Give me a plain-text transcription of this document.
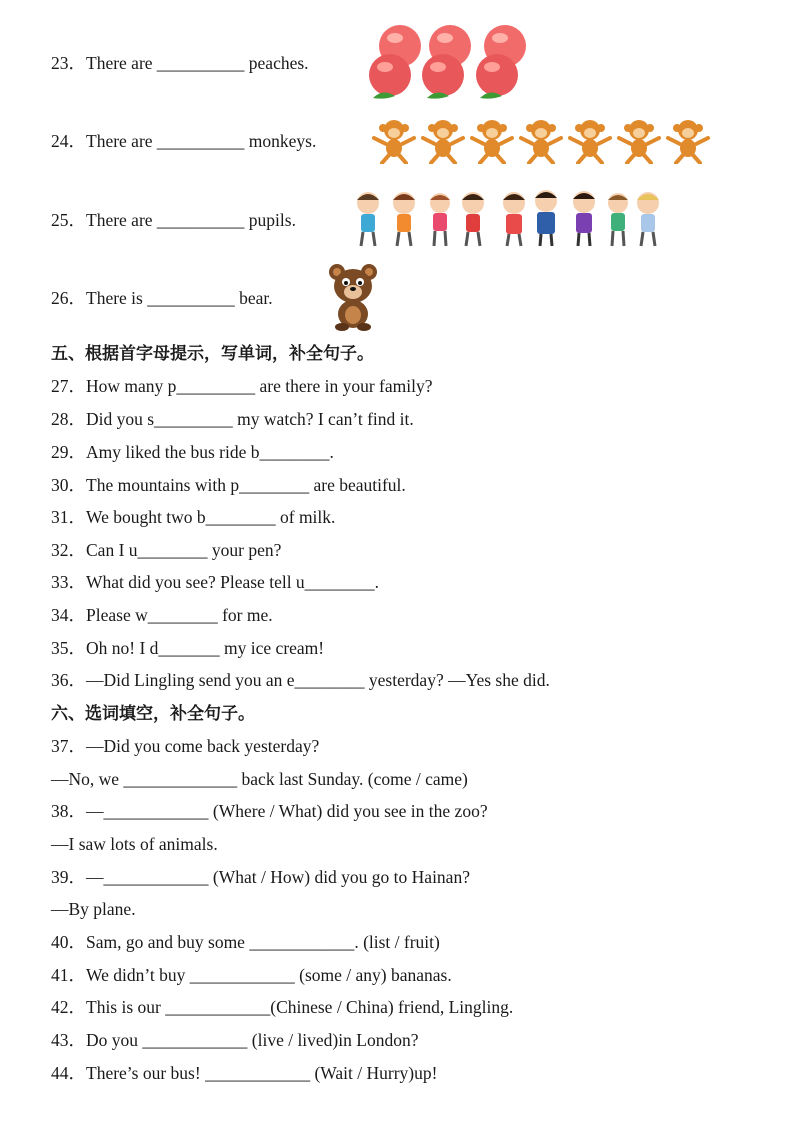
23．There are __________ peaches.
24．There are __________ monkeys.
25．There are __________ pupils.
26．There is __________ bear.
五、根据首字母提示，写单词，补全句子。
27．How many p_________ are there in your family?
28．Did you s_________ my watch? I can’t find it.
29．Amy liked the bus ride b________.
30．The mountains with p________ are beautiful.
31．We bought two b________ of milk.
32．Can I u________ your pen?
33．What did you see? Please tell u________.
34．Please w________ for me.
35．Oh no! I d_______ my ice cream!
36．—Did Lingling send you an e________ yesterday? —Yes she did.
六、选词填空，补全句子。
37．—Did you come back yesterday?
—No, we _____________ back last Sunday. (come / came)
38．—____________ (Where / What) did you see in the zoo?
—I saw lots of animals.
39．—____________ (What / How) did you go to Hainan?
—By plane.
40．Sam, go and buy some ____________. (list / fruit)
41．We didn’t buy ____________ (some / any) bananas.
42．This is our ____________(Chinese / China) friend, Lingling.
43．Do you ____________ (live / lived)in London?
44．There’s our bus! ____________ (Wait / Hurry)up!
